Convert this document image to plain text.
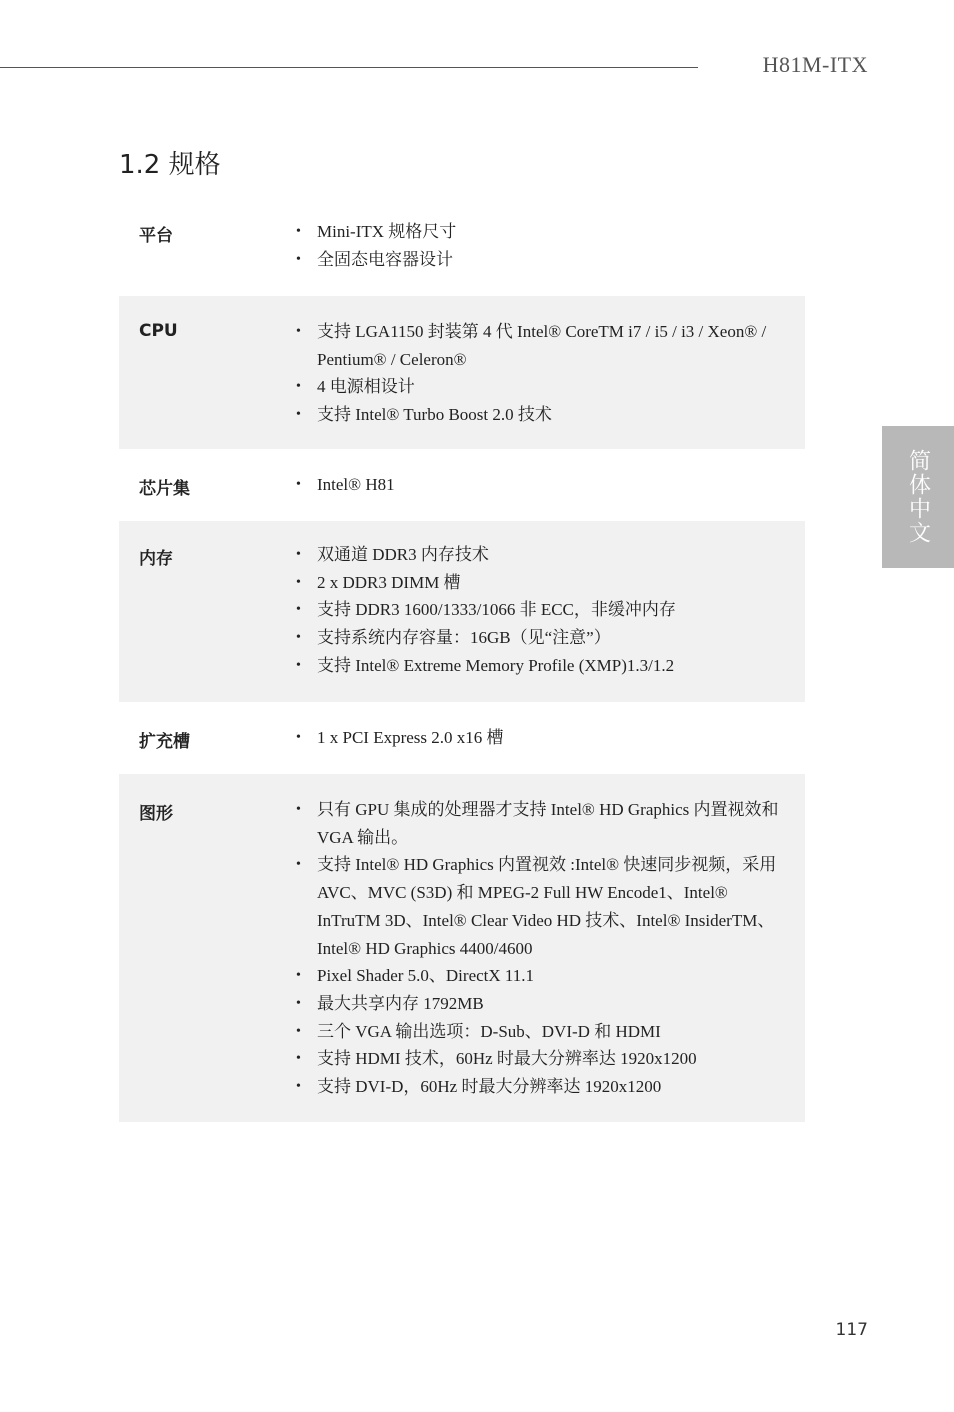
H81M-ITX
1.2 规格
简体中文
平台	• Mini-ITX 规格尺寸
• 全固态电容器设计
CPU	• 支持 LGA1150 封装第 4 代 Intel® CoreTM i7 / i5 / i3 / Xeon® / Pentium® / Celeron®
• 4 电源相设计
• 支持 Intel® Turbo Boost 2.0 技术
芯片集	• Intel® H81
内存	• 双通道 DDR3 内存技术
• 2 x DDR3 DIMM 槽
• 支持 DDR3 1600/1333/1066 非 ECC，非缓冲内存
• 支持系统内存容量：16GB（见“注意”）
• 支持 Intel® Extreme Memory Profile (XMP)1.3/1.2
扩充槽	• 1 x PCI Express 2.0 x16 槽
图形	• 只有 GPU 集成的处理器才支持 Intel® HD Graphics 内置视效和 VGA 输出。
• 支持 Intel® HD Graphics 内置视效 :Intel® 快速同步视频，采用 AVC、MVC (S3D) 和 MPEG-2 Full HW Encode1、Intel® InTruTM 3D、Intel® Clear Video HD 技术、Intel® InsiderTM、Intel® HD Graphics 4400/4600
• Pixel Shader 5.0、DirectX 11.1
• 最大共享内存 1792MB
• 三个 VGA 输出选项：D-Sub、DVI-D 和 HDMI
• 支持 HDMI 技术，60Hz 时最大分辨率达 1920x1200
• 支持 DVI-D，60Hz 时最大分辨率达 1920x1200
117
